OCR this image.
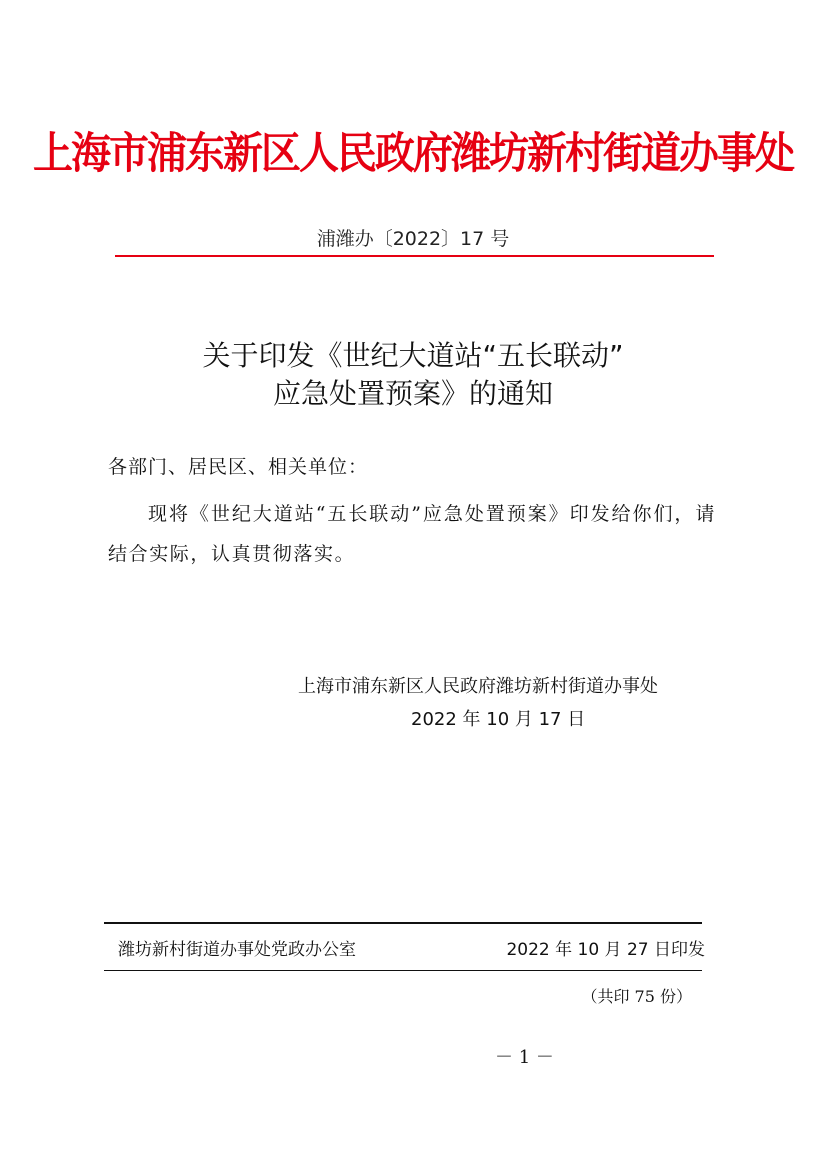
上海市浦东新区人民政府潍坊新村街道办事处
浦潍办〔2022〕17 号
关于印发《世纪大道站“五长联动”
应急处置预案》的通知
各部门、居民区、相关单位：
现将《世纪大道站“五长联动”应急处置预案》印发给你们，请结合实际，认真贯彻落实。
上海市浦东新区人民政府潍坊新村街道办事处
2022 年 10 月 17 日
潍坊新村街道办事处党政办公室	2022 年 10 月 27 日印发
（共印 75 份）
－ 1 －
